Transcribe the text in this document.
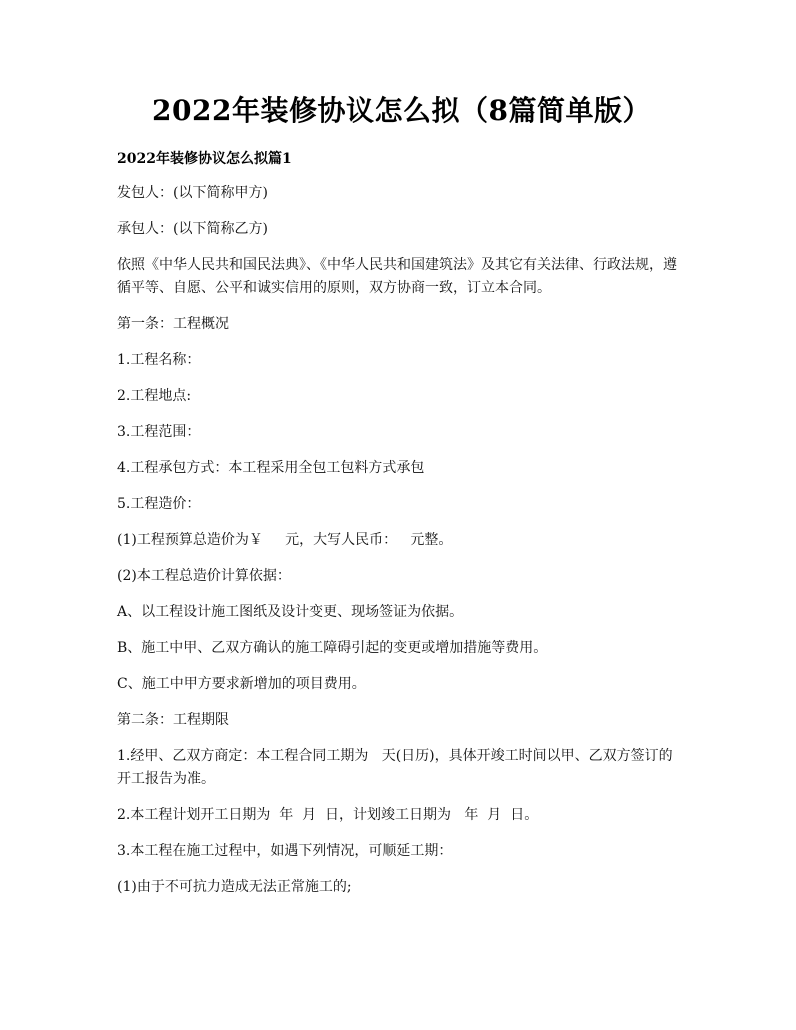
2022年装修协议怎么拟（8篇简单版）
2022年装修协议怎么拟篇1

发包人：(以下简称甲方)

承包人：(以下简称乙方)

依照《中华人民共和国民法典》、《中华人民共和国建筑法》及其它有关法律、行政法规，遵循平等、自愿、公平和诚实信用的原则，双方协商一致，订立本合同。

第一条：工程概况

1.工程名称：

2.工程地点:

3.工程范围：

4.工程承包方式：本工程采用全包工包料方式承包

5.工程造价：

(1)工程预算总造价为￥     元，大写人民币：   元整。

(2)本工程总造价计算依据：

A、以工程设计施工图纸及设计变更、现场签证为依据。

B、施工中甲、乙双方确认的施工障碍引起的变更或增加措施等费用。

C、施工中甲方要求新增加的项目费用。

第二条：工程期限

1.经甲、乙双方商定：本工程合同工期为   天(日历)，具体开竣工时间以甲、乙双方签订的开工报告为准。

2.本工程计划开工日期为  年  月  日，计划竣工日期为   年  月  日。

3.本工程在施工过程中，如遇下列情况，可顺延工期：

(1)由于不可抗力造成无法正常施工的;
